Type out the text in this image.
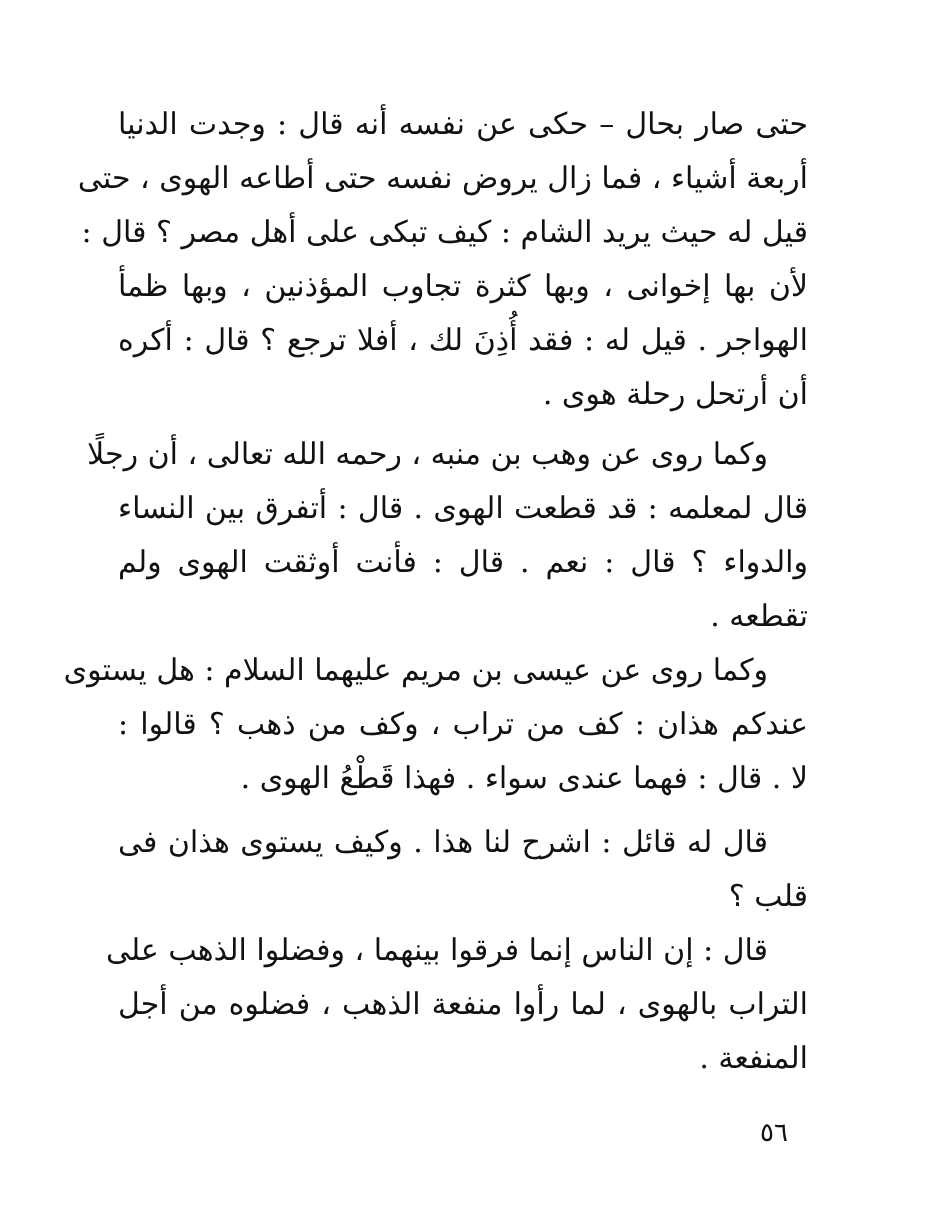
حتى صار بحال – حكى عن نفسه أنه قال : وجدت الدنيا
أربعة أشياء ، فما زال يروض نفسه حتى أطاعه الهوى ، حتى
قيل له حيث يريد الشام : كيف تبكى على أهل مصر ؟ قال :
لأن بها إخوانى ، وبها كثرة تجاوب المؤذنين ، وبها ظمأ
الهواجر . قيل له : فقد أُذِنَ لك ، أفلا ترجع ؟ قال : أكره
أن أرتحل رحلة هوى .
وكما روى عن وهب بن منبه ، رحمه الله تعالى ، أن رجلًا
قال لمعلمه : قد قطعت الهوى . قال : أتفرق بين النساء
والدواء ؟ قال : نعم . قال : فأنت أوثقت الهوى ولم
تقطعه .
وكما روى عن عيسى بن مريم عليهما السلام : هل يستوى
عندكم هذان : كف من تراب ، وكف من ذهب ؟ قالوا :
لا . قال : فهما عندى سواء . فهذا قَطْعُ الهوى .
قال له قائل : اشرح لنا هذا . وكيف يستوى هذان فى
قلب ؟
قال : إن الناس إنما فرقوا بينهما ، وفضلوا الذهب على
التراب بالهوى ، لما رأوا منفعة الذهب ، فضلوه من أجل
المنفعة .
٥٦
